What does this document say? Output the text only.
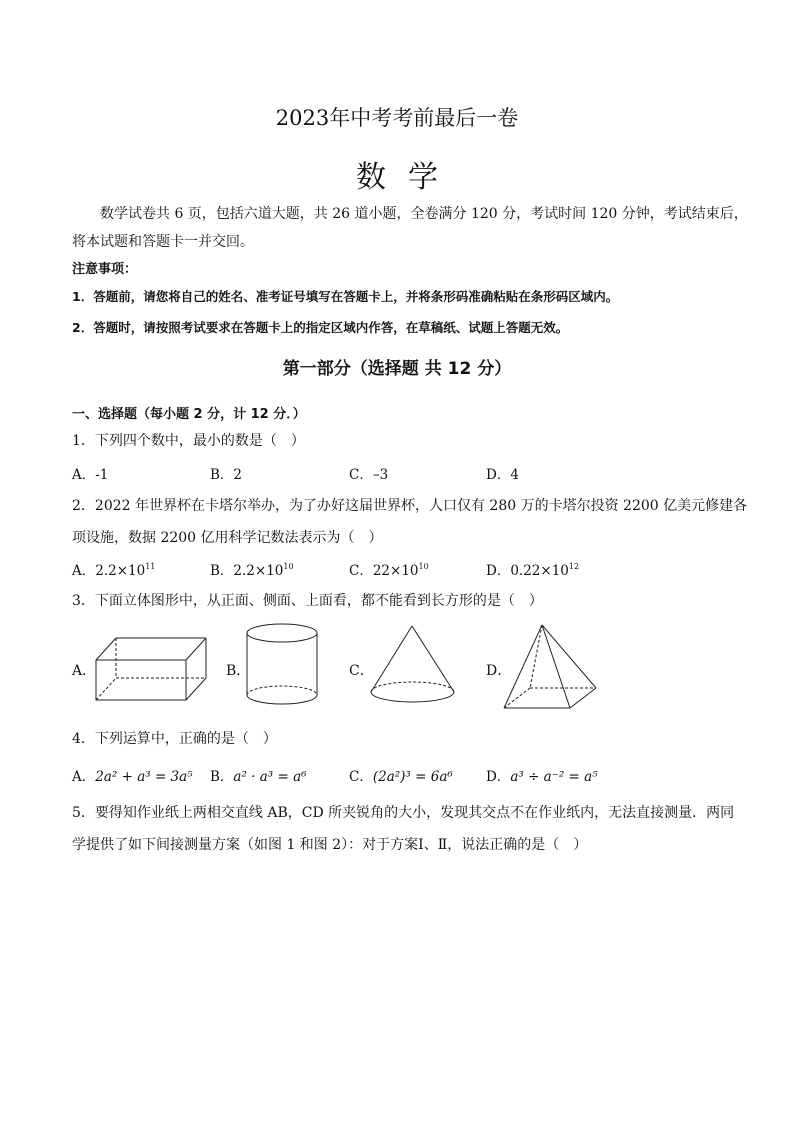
2023年中考考前最后一卷
数学
数学试卷共 6 页，包括六道大题，共 26 道小题，全卷满分 120 分，考试时间 120 分钟，考试结束后，
将本试题和答题卡一并交回。
注意事项：
1．答题前，请您将自己的姓名、准考证号填写在答题卡上，并将条形码准确粘贴在条形码区域内。
2．答题时，请按照考试要求在答题卡上的指定区域内作答，在草稿纸、试题上答题无效。
第一部分（选择题 共 12 分）
一、选择题（每小题 2 分，计 12 分．）
1．下列四个数中，最小的数是（　）
A．-1	B．2	C．–3	D．4
2．2022 年世界杯在卡塔尔举办，为了办好这届世界杯，人口仅有 280 万的卡塔尔投资 2200 亿美元修建各
项设施，数据 2200 亿用科学记数法表示为（　）
A．$2.2\times 10^{11}$	B．$2.2\times 10^{10}$	C．$22\times 10^{10}$	D．$0.22\times 10^{12}$
3．下面立体图形中，从正面、侧面、上面看，都不能看到长方形的是（　）
A．	B．	C．	D．
4．下列运算中，正确的是（　）
A．2a² + a³ = 3a⁵ B．a² · a³ = a⁶	C．(2a²)³ = 6a⁶ D．a³ ÷ a⁻² = a⁵
5．要得知作业纸上两相交直线 AB，CD 所夹锐角的大小，发现其交点不在作业纸内，无法直接测量．两同
学提供了如下间接测量方案（如图 1 和图 2）：对于方案Ⅰ、Ⅱ，说法正确的是（　）
